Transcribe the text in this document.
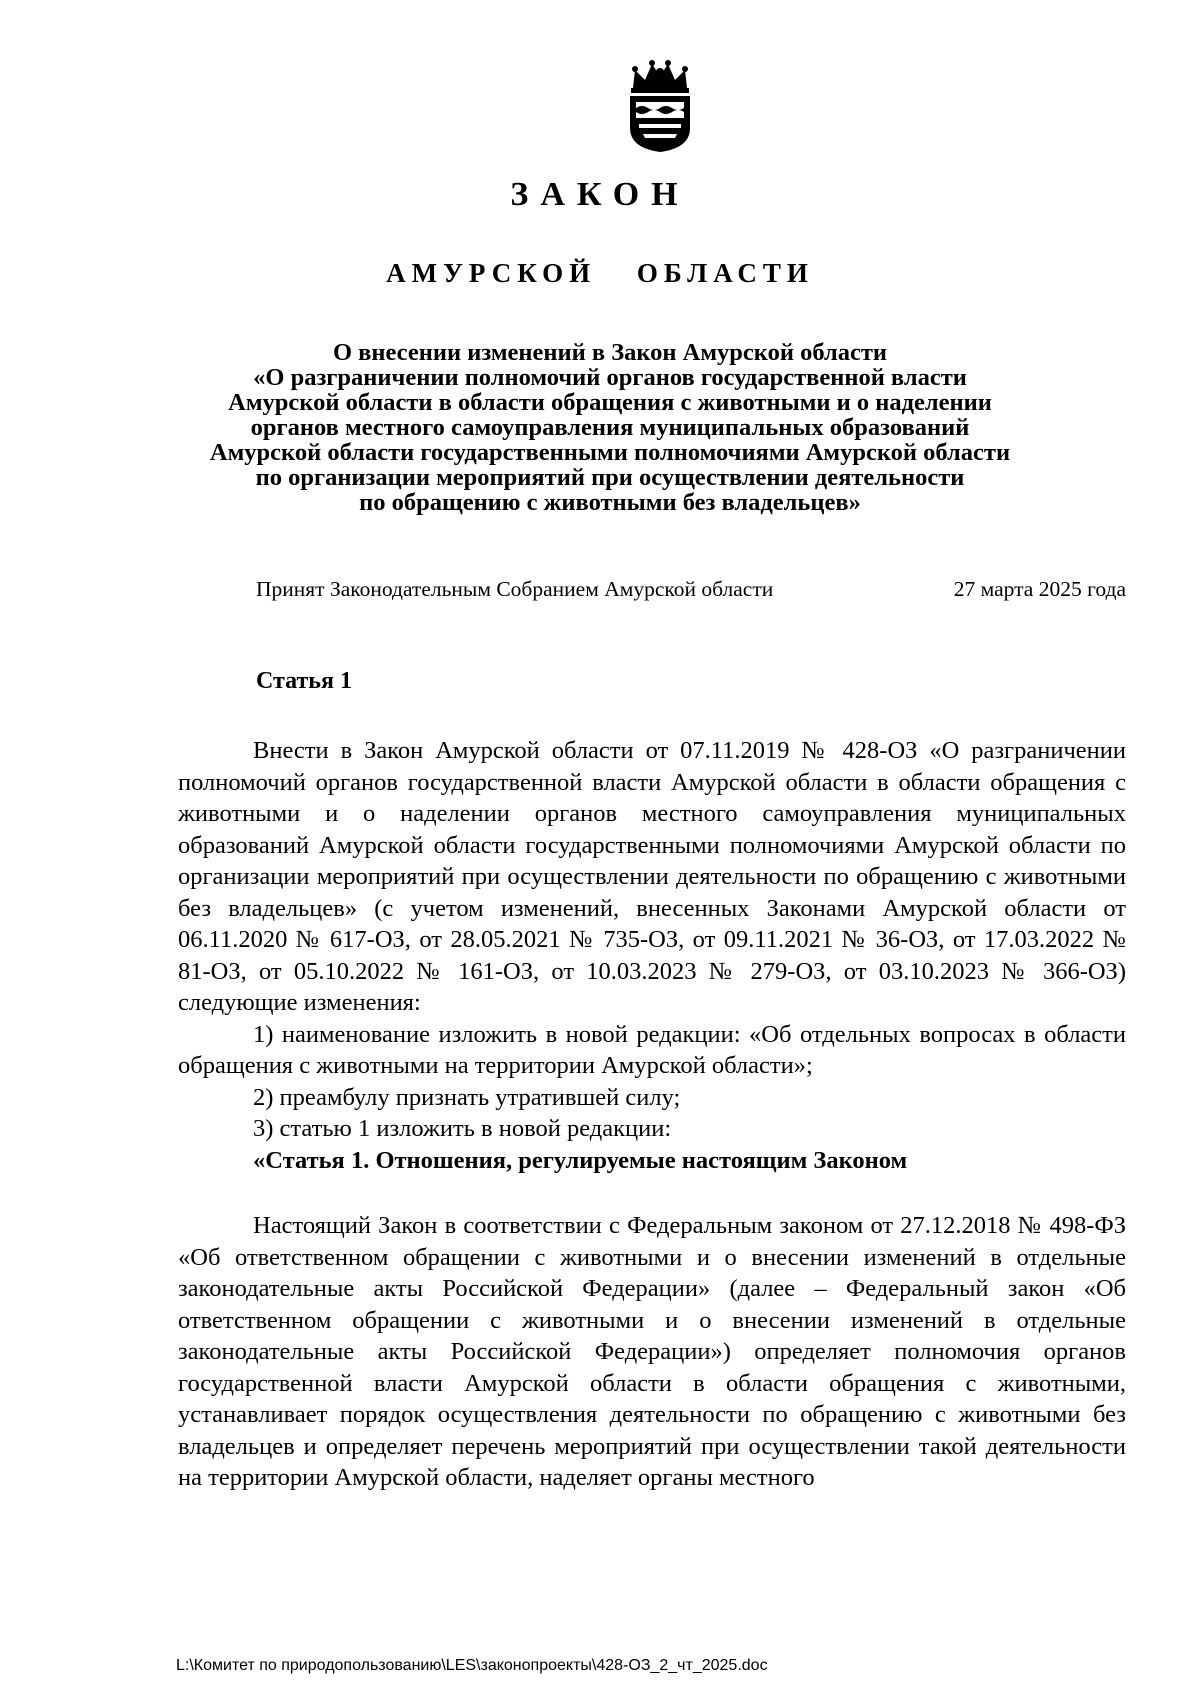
ЗАКОН
АМУРСКОЙ ОБЛАСТИ
О внесении изменений в Закон Амурской области
«О разграничении полномочий органов государственной власти
Амурской области в области обращения с животными и о наделении
органов местного самоуправления муниципальных образований
Амурской области государственными полномочиями Амурской области
по организации мероприятий при осуществлении деятельности
по обращению с животными без владельцев»
Принят Законодательным Собранием Амурской области	27 марта 2025 года
Статья 1

Внести в Закон Амурской области от 07.11.2019 № 428-ОЗ «О разграничении полномочий органов государственной власти Амурской области в области обращения с животными и о наделении органов местного самоуправления муниципальных образований Амурской области государственными полномочиями Амурской области по организации мероприятий при осуществлении деятельности по обращению с животными без владельцев» (с учетом изменений, внесенных Законами Амурской области от 06.11.2020 № 617-ОЗ, от 28.05.2021 № 735-ОЗ, от 09.11.2021 № 36-ОЗ, от 17.03.2022 № 81-ОЗ, от 05.10.2022 № 161-ОЗ, от 10.03.2023 № 279-ОЗ, от 03.10.2023 № 366-ОЗ) следующие изменения:

1) наименование изложить в новой редакции: «Об отдельных вопросах в области обращения с животными на территории Амурской области»;

2) преамбулу признать утратившей силу;

3) статью 1 изложить в новой редакции:

«Статья 1. Отношения, регулируемые настоящим Законом

Настоящий Закон в соответствии с Федеральным законом от 27.12.2018 № 498-ФЗ «Об ответственном обращении с животными и о внесении изменений в отдельные законодательные акты Российской Федерации» (далее – Федеральный закон «Об ответственном обращении с животными и о внесении изменений в отдельные законодательные акты Российской Федерации») определяет полномочия органов государственной власти Амурской области в области обращения с животными, устанавливает порядок осуществления деятельности по обращению с животными без владельцев и определяет перечень мероприятий при осуществлении такой деятельности на территории Амурской области, наделяет органы местного

L:\Комитет по природопользованию\LES\законопроекты\428-ОЗ_2_чт_2025.doc
